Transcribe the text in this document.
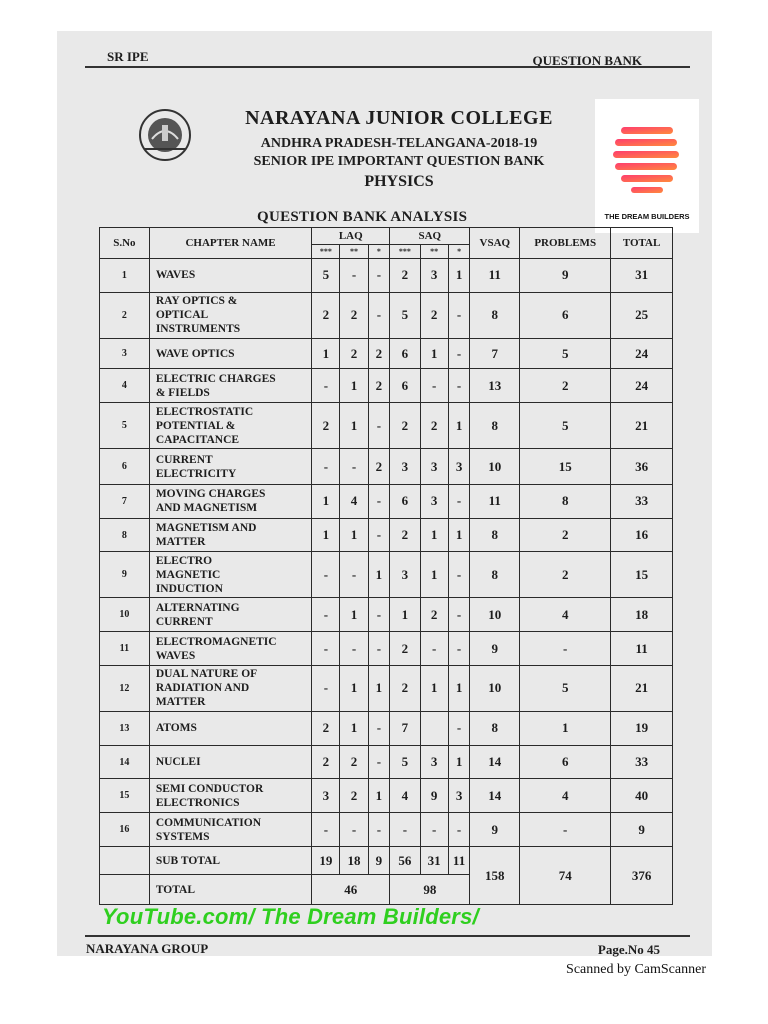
SR IPE	QUESTION BANK
NARAYANA JUNIOR COLLEGE
ANDHRA PRADESH-TELANGANA-2018-19
SENIOR IPE IMPORTANT QUESTION BANK
PHYSICS
THE DREAM BUILDERS
QUESTION BANK ANALYSIS
S.No	CHAPTER NAME	LAQ			SAQ			VSAQ	PROBLEMS	TOTAL
		***	**	*	***	**	*			
1	WAVES	5	-	-	2	3	1	11	9	31
2	RAY OPTICS &
OPTICAL
INSTRUMENTS	2	2	-	5	2	-	8	6	25
3	WAVE OPTICS	1	2	2	6	1	-	7	5	24
4	ELECTRIC CHARGES
& FIELDS	-	1	2	6	-	-	13	2	24
5	ELECTROSTATIC
POTENTIAL &
CAPACITANCE	2	1	-	2	2	1	8	5	21
6	CURRENT
ELECTRICITY	-	-	2	3	3	3	10	15	36
7	MOVING CHARGES
AND MAGNETISM	1	4	-	6	3	-	11	8	33
8	MAGNETISM AND
MATTER	1	1	-	2	1	1	8	2	16
9	ELECTRO
MAGNETIC
INDUCTION	-	-	1	3	1	-	8	2	15
10	ALTERNATING
CURRENT	-	1	-	1	2	-	10	4	18
11	ELECTROMAGNETIC
WAVES	-	-	-	2	-	-	9	-	11
12	DUAL NATURE OF
RADIATION AND
MATTER	-	1	1	2	1	1	10	5	21
13	ATOMS	2	1	-	7		-	8	1	19
14	NUCLEI	2	2	-	5	3	1	14	6	33
15	SEMI CONDUCTOR
ELECTRONICS	3	2	1	4	9	3	14	4	40
16	COMMUNICATION
SYSTEMS	-	-	-	-	-	-	9	-	9
	SUB TOTAL	19	18	9	56	31	11	158	74	376
	TOTAL	46			98					
NARAYANA GROUP	Page.No 45
YouTube.com/ The Dream Builders/
Scanned by CamScanner
